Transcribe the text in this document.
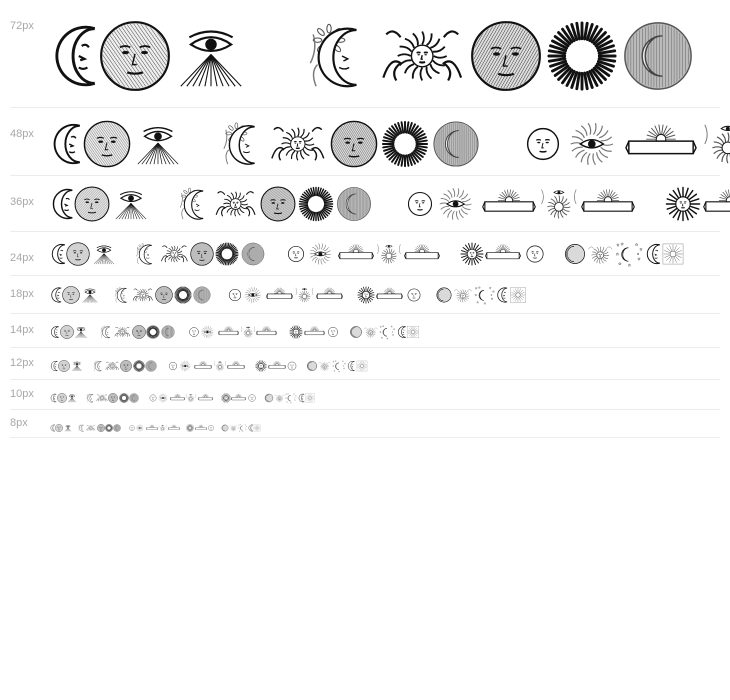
72px
48px
36px
24px
18px
14px
12px
10px
8px
